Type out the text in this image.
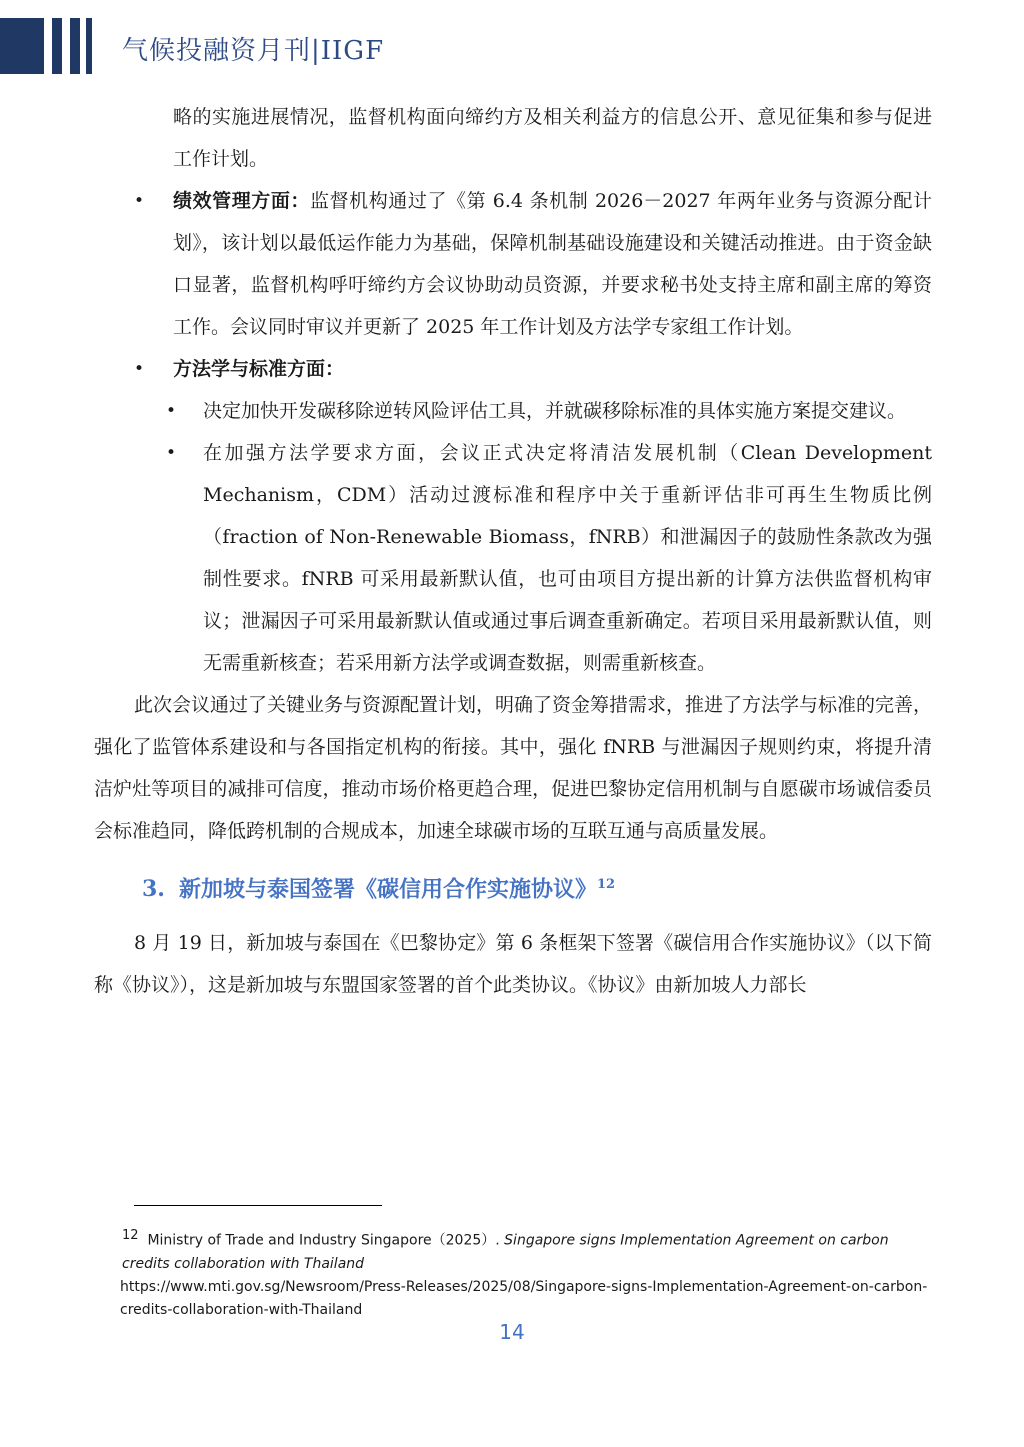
气候投融资月刊|IIGF

略的实施进展情况，监督机构面向缔约方及相关利益方的信息公开、意见征集和参与促进工作计划。

• 绩效管理方面：监督机构通过了《第 6.4 条机制 2026－2027 年两年业务与资源分配计划》，该计划以最低运作能力为基础，保障机制基础设施建设和关键活动推进。由于资金缺口显著，监督机构呼吁缔约方会议协助动员资源，并要求秘书处支持主席和副主席的筹资工作。会议同时审议并更新了 2025 年工作计划及方法学专家组工作计划。

• 方法学与标准方面：

• 决定加快开发碳移除逆转风险评估工具，并就碳移除标准的具体实施方案提交建议。

• 在加强方法学要求方面，会议正式决定将清洁发展机制（Clean Development Mechanism，CDM）活动过渡标准和程序中关于重新评估非可再生生物质比例（fraction of Non-Renewable Biomass，fNRB）和泄漏因子的鼓励性条款改为强制性要求。fNRB 可采用最新默认值，也可由项目方提出新的计算方法供监督机构审议；泄漏因子可采用最新默认值或通过事后调查重新确定。若项目采用最新默认值，则无需重新核查；若采用新方法学或调查数据，则需重新核查。

此次会议通过了关键业务与资源配置计划，明确了资金筹措需求，推进了方法学与标准的完善，强化了监管体系建设和与各国指定机构的衔接。其中，强化 fNRB 与泄漏因子规则约束，将提升清洁炉灶等项目的减排可信度，推动市场价格更趋合理，促进巴黎协定信用机制与自愿碳市场诚信委员会标准趋同，降低跨机制的合规成本，加速全球碳市场的互联互通与高质量发展。

3. 新加坡与泰国签署《碳信用合作实施协议》$^{12}$

8 月 19 日，新加坡与泰国在《巴黎协定》第 6 条框架下签署《碳信用合作实施协议》（以下简称《协议》），这是新加坡与东盟国家签署的首个此类协议。《协议》由新加坡人力部长

$^{12}$ Ministry of Trade and Industry Singapore（2025）. Singapore signs Implementation Agreement on carbon credits collaboration with Thailand
https://www.mti.gov.sg/Newsroom/Press-Releases/2025/08/Singapore-signs-Implementation-Agreement-on-carbon-credits-collaboration-with-Thailand
14
